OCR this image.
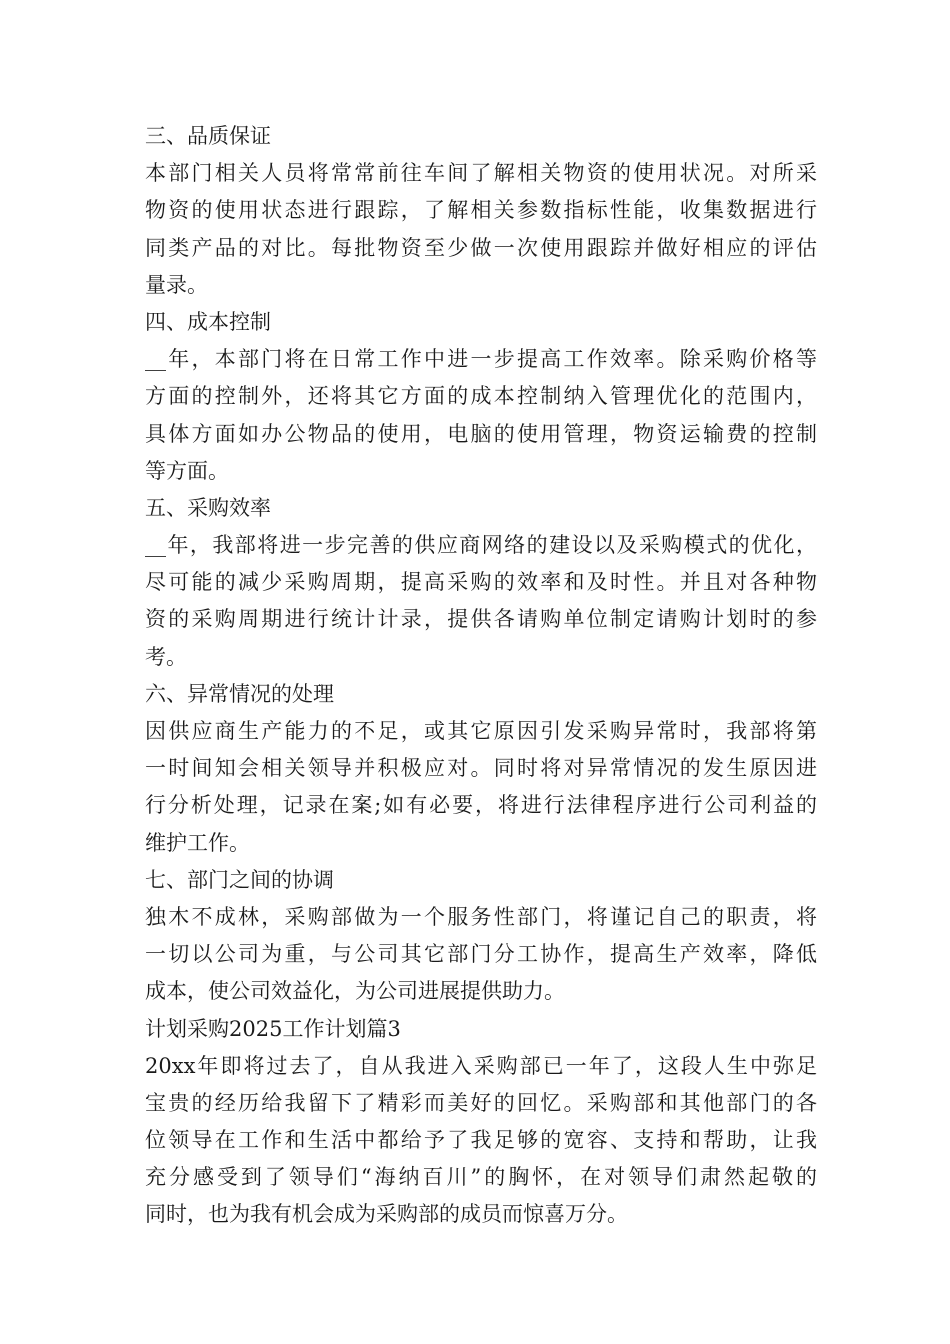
三、品质保证
本部门相关人员将常常前往车间了解相关物资的使用状况。对所采
物资的使用状态进行跟踪，了解相关参数指标性能，收集数据进行
同类产品的对比。每批物资至少做一次使用跟踪并做好相应的评估
量录。
四、成本控制
__年，本部门将在日常工作中进一步提高工作效率。除采购价格等
方面的控制外，还将其它方面的成本控制纳入管理优化的范围内，
具体方面如办公物品的使用，电脑的使用管理，物资运输费的控制
等方面。
五、采购效率
__年，我部将进一步完善的供应商网络的建设以及采购模式的优化，
尽可能的减少采购周期，提高采购的效率和及时性。并且对各种物
资的采购周期进行统计计录，提供各请购单位制定请购计划时的参
考。
六、异常情况的处理
因供应商生产能力的不足，或其它原因引发采购异常时，我部将第
一时间知会相关领导并积极应对。同时将对异常情况的发生原因进
行分析处理，记录在案;如有必要，将进行法律程序进行公司利益的
维护工作。
七、部门之间的协调
独木不成林，采购部做为一个服务性部门，将谨记自己的职责，将
一切以公司为重，与公司其它部门分工协作，提高生产效率，降低
成本，使公司效益化，为公司进展提供助力。
计划采购2025工作计划篇3
20xx年即将过去了，自从我进入采购部已一年了，这段人生中弥足
宝贵的经历给我留下了精彩而美好的回忆。采购部和其他部门的各
位领导在工作和生活中都给予了我足够的宽容、支持和帮助，让我
充分感受到了领导们“海纳百川”的胸怀，在对领导们肃然起敬的
同时，也为我有机会成为采购部的成员而惊喜万分。
